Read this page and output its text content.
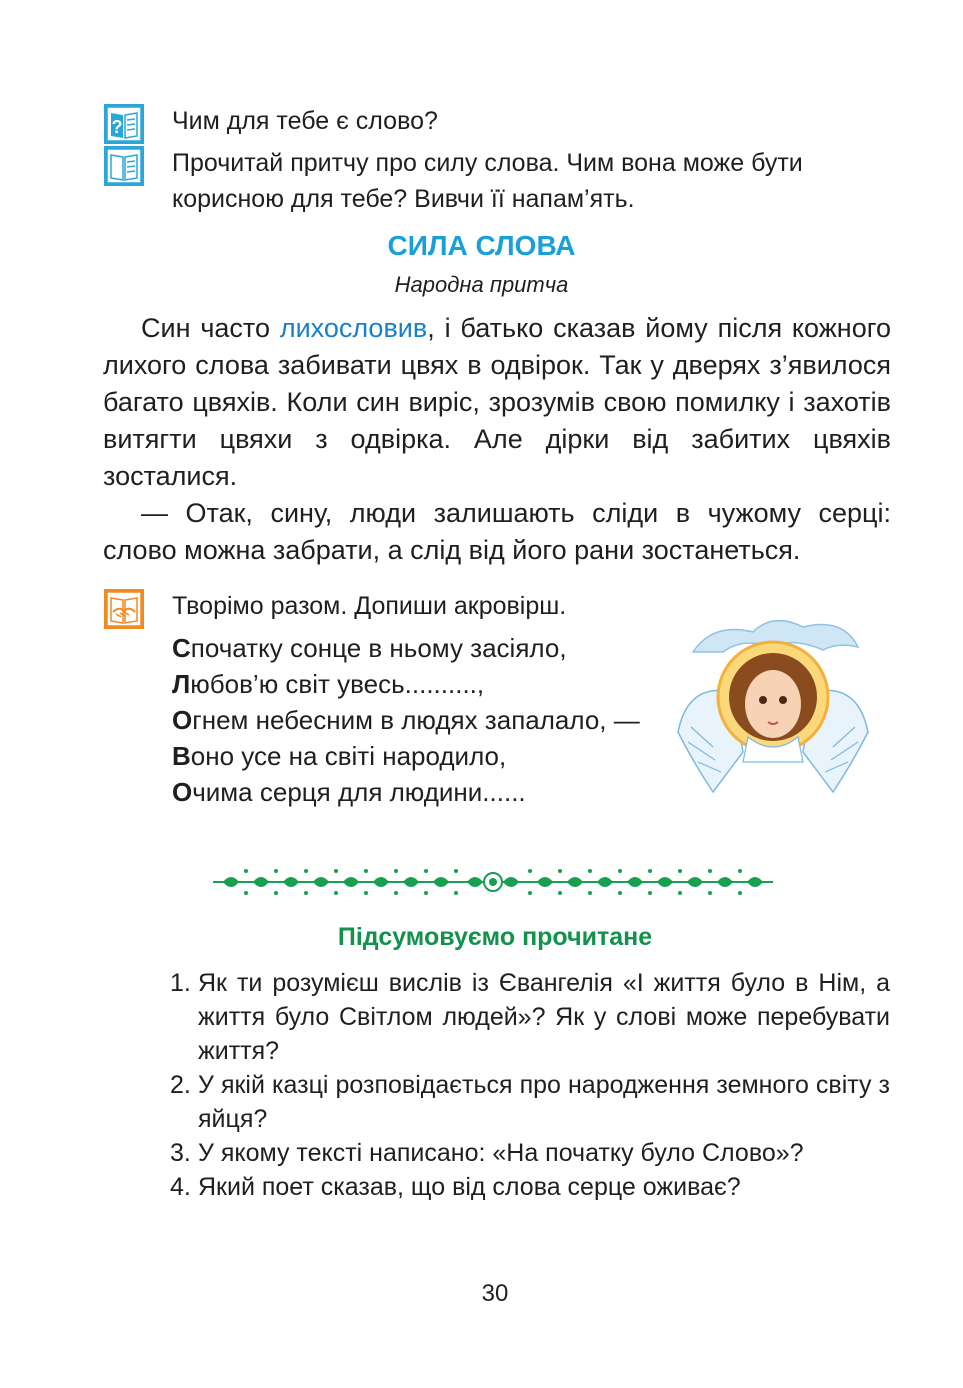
? Чим для тебе є слово?
Прочитай притчу про силу слова. Чим вона може бути корисною для тебе? Вивчи її напам’ять.
СИЛА СЛОВА
Народна притча

Син часто лихословив, і батько сказав йому після кожного лихого слова забивати цвях в одвірок. Так у дверях з’явилося багато цвяхів. Коли син виріс, зрозумів свою помилку і захотів витягти цвяхи з одвірка. Але дірки від забитих цвяхів зосталися.

— Отак, сину, люди залишають сліди в чужому серці: слово можна забрати, а слід від його рани зостанеться.

Творімо разом. Допиши акровірш.
Спочатку сонце в ньому засіяло,
Любов’ю світ увесь..........,
Огнем небесним в людях запалало, —
Воно усе на світі народило,
Очима серця для людини......
Підсумовуємо прочитане
1. Як ти розумієш вислів із Євангелія «І життя було в Нім, а життя було Світлом людей»? Як у слові може перебувати життя?
2. У якій казці розповідається про народження земного світу з яйця?
3. У якому тексті написано: «На початку було Слово»?
4. Який поет сказав, що від слова серце оживає?
30
